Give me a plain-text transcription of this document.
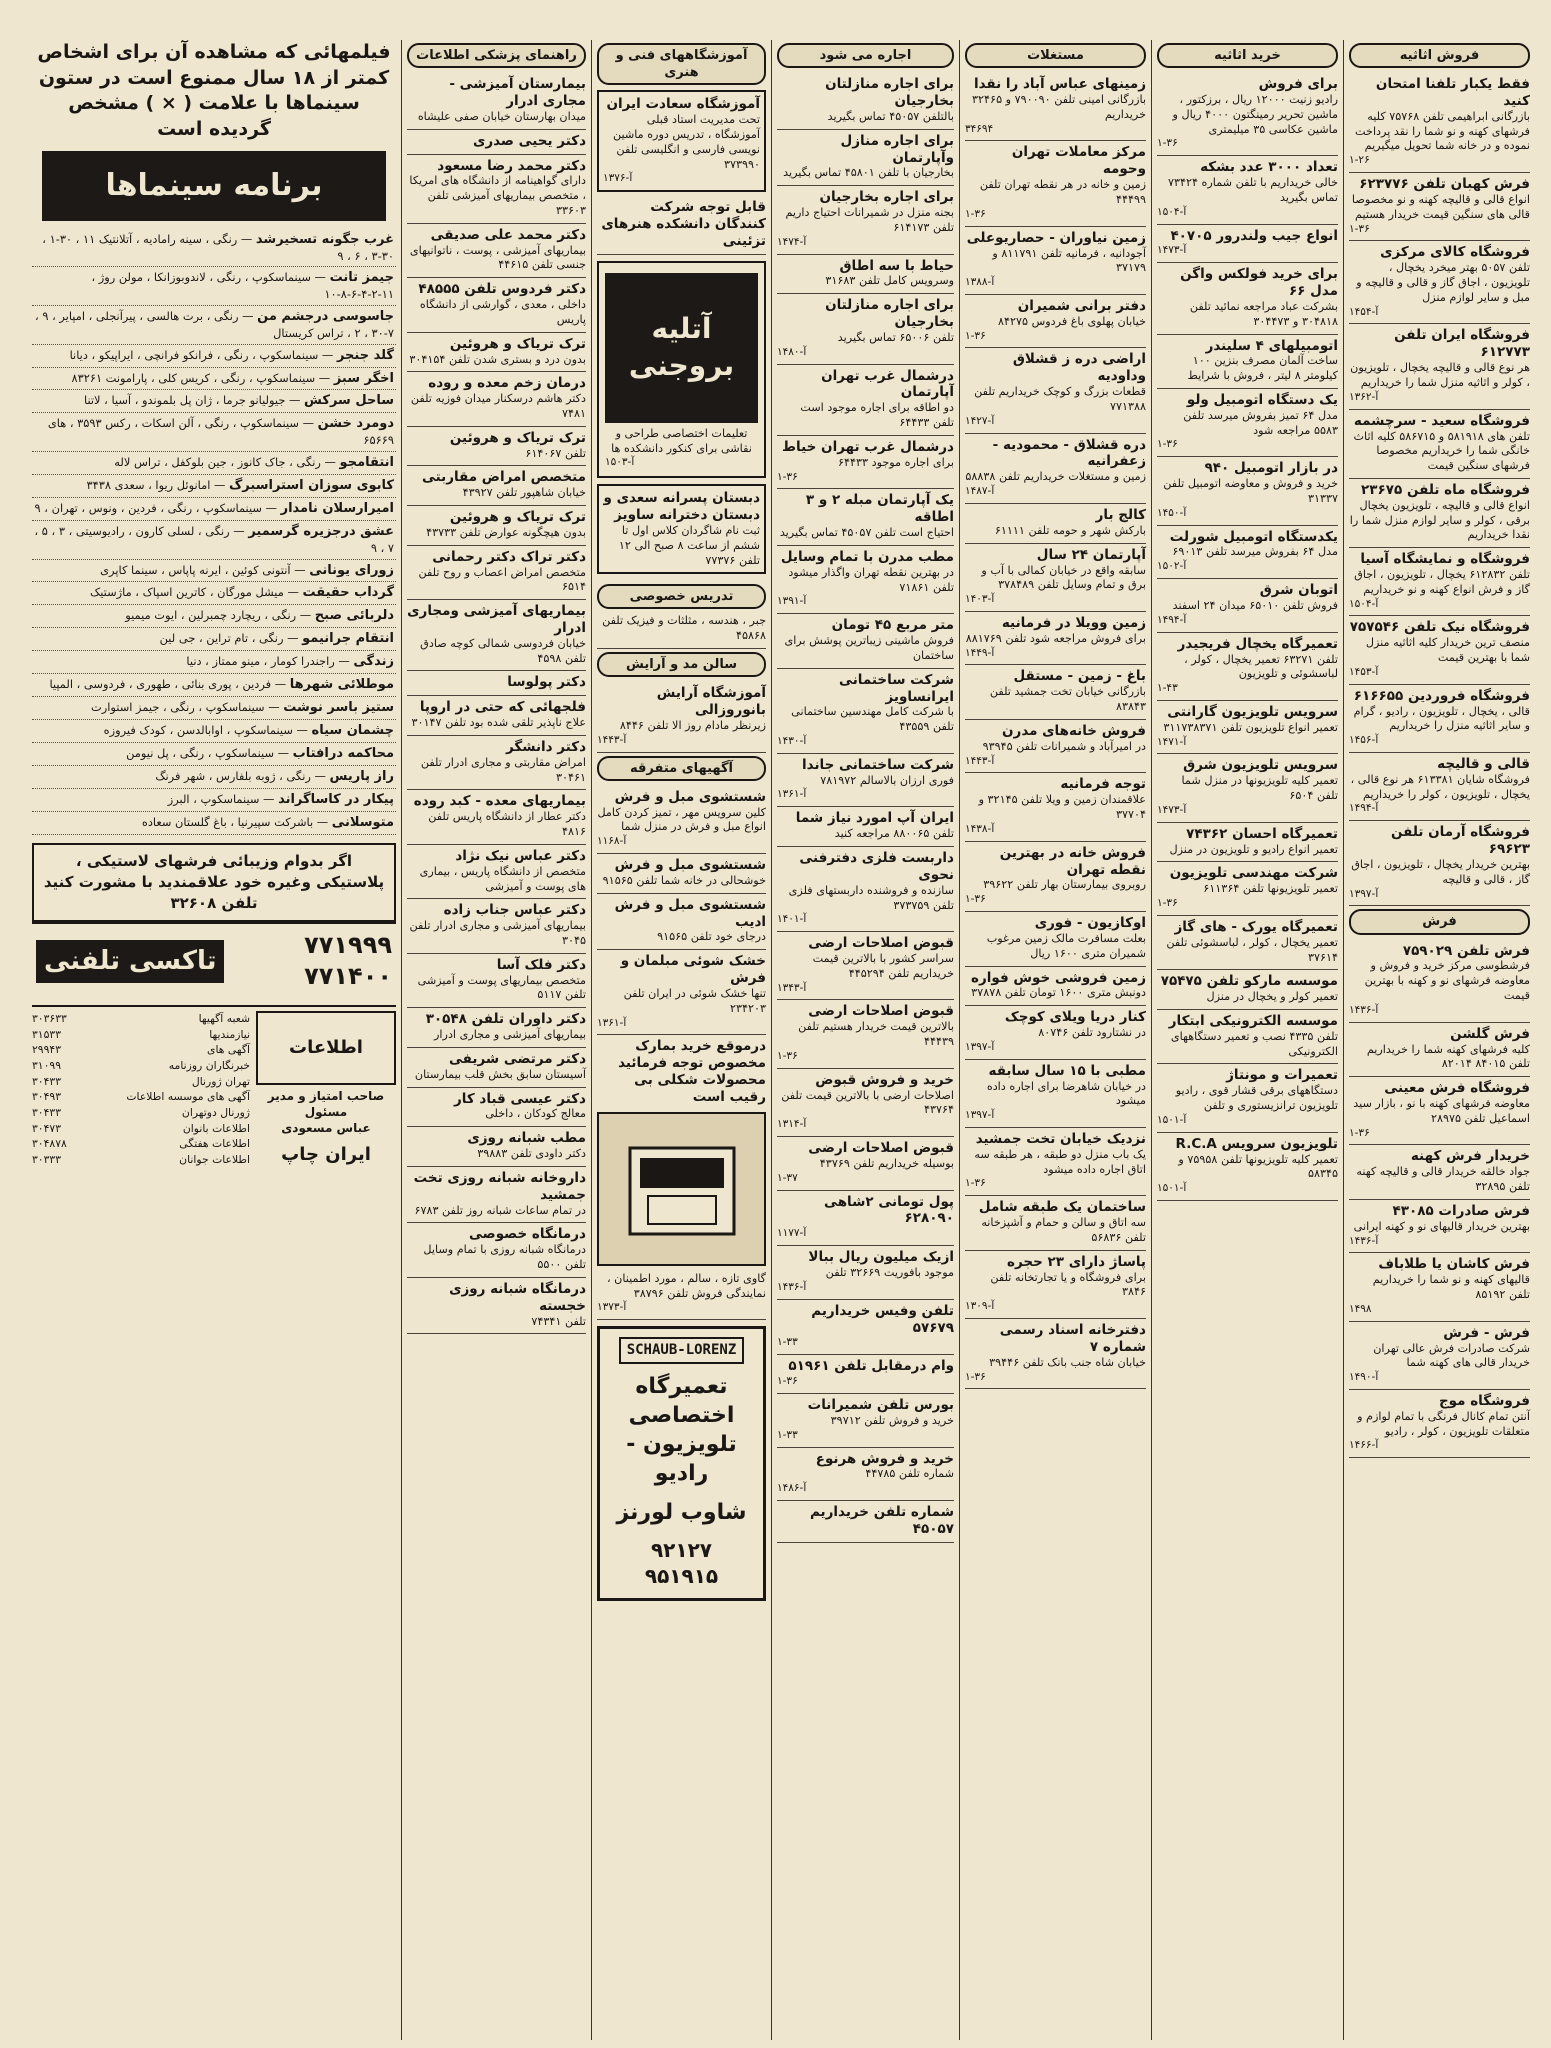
فروش اثاثیه
فقط یکبار تلفنا امتحان کنید
بازرگانی ابراهیمی تلفن ۷۵۷۶۸ کلیه فرشهای کهنه و نو شما را نقد پرداخت نموده و در خانه شما تحویل میگیریم
۱-۲۶
فرش کهبان تلفن ۶۲۳۷۷۶
انواع قالی و قالیچه کهنه و نو مخصوصا قالی های سنگین قیمت خریدار هستیم
۱-۳۶
فروشگاه کالای مرکزی
تلفن ۵۰۵۷ بهتر میخرد یخچال ، تلویزیون ، اجاق گاز و قالی و قالیچه و مبل و سایر لوازم منزل
۱۴۵۴-آ
فروشگاه ایران تلفن ۶۱۲۷۷۳
هر نوع قالی و قالیچه یخچال ، تلویزیون ، کولر و اثاثیه منزل شما را خریداریم
۱۳۶۲-آ
فروشگاه سعید - سرچشمه
تلفن های ۵۸۱۹۱۸ و ۵۸۶۷۱۵ کلیه اثاث خانگی شما را خریداریم مخصوصا فرشهای سنگین قیمت
فروشگاه ماه تلفن ۲۳۶۷۵
انواع قالی و قالیچه ، تلویزیون یخچال برقی ، کولر و سایر لوازم منزل شما را نقدا خریداریم
فروشگاه و نمایشگاه آسیا
تلفن ۶۱۲۸۳۲ یخچال ، تلویزیون ، اجاق گاز و فرش انواع کهنه و نو خریداریم
۱۵۰۴-آ
فروشگاه نیک تلفن ۷۵۷۵۴۶
منصف ترین خریدار کلیه اثاثیه منزل شما با بهترین قیمت
۱۴۵۳-آ
فروشگاه فروردین ۶۱۶۶۵۵
قالی ، یخچال ، تلویزیون ، رادیو ، گرام و سایر اثاثیه منزل را خریداریم
۱۴۵۶-آ
قالی و قالیچه
فروشگاه شایان ۶۱۳۳۸۱ هر نوع قالی ، یخچال ، تلویزیون ، کولر را خریداریم
۱۴۹۴-آ
فروشگاه آرمان تلفن ۶۹۶۲۳
بهترین خریدار یخچال ، تلویزیون ، اجاق گاز ، قالی و قالیچه
۱۳۹۷-آ
فرش
فرش تلفن ۷۵۹۰۲۹
فرشطوسی مرکز خرید و فروش و معاوضه فرشهای نو و کهنه با بهترین قیمت
۱۴۳۶-آ
فرش گلشن
کلیه فرشهای کهنه شما را خریداریم تلفن ۸۴۰۱۵ ۸۲۰۱۴
فروشگاه فرش معینی
معاوضه فرشهای کهنه با نو ، بازار سید اسماعیل تلفن ۲۸۹۷۵
۱-۳۶
خریدار فرش کهنه
جواد خالقه خریدار قالی و قالیچه کهنه تلفن ۳۲۸۹۵
فرش صادرات ۴۳۰۸۵
بهترین خریدار قالیهای نو و کهنه ایرانی
۱۴۳۶-آ
فرش کاشان یا طلاباف
قالیهای کهنه و نو شما را خریداریم تلفن ۸۵۱۹۲
۱۴۹۸
فرش - فرش
شرکت صادرات فرش عالی تهران خریدار قالی های کهنه شما
۱۴۹۰-آ
فروشگاه موج
آنتن تمام کانال فرنگی با تمام لوازم و متعلقات تلویزیون ، کولر ، رادیو
۱۴۶۶-آ
خرید اثاثیه
برای فروش
رادیو زنیت ۱۲۰۰۰ ریال ، برزکتور ، ماشین تحریر رمینگتون ۴۰۰۰ ریال و ماشین عکاسی ۳۵ میلیمتری
۱-۳۶
تعداد ۳۰۰۰ عدد بشکه
خالی خریداریم با تلفن شماره ۷۳۴۲۴ تماس بگیرید
۱۵۰۴-آ
انواع جیب ولندرور ۴۰۷۰۵
۱۴۷۳-آ
برای خرید فولکس واگن مدل ۶۶
بشرکت عباد مراجعه نمائید تلفن ۳۰۴۸۱۸ و ۳۰۴۴۷۳
اتومبیلهای ۴ سلیندر
ساخت آلمان مصرف بنزین ۱۰۰ کیلومتر ۸ لیتر ، فروش با شرایط
یک دستگاه اتومبیل ولو
مدل ۶۴ تمیز بفروش میرسد تلفن ۵۵۸۳ مراجعه شود
۱-۳۶
در بازار اتومبیل ۹۴۰
خرید و فروش و معاوضه اتومبیل تلفن ۳۱۳۳۷
۱۴۵۰-آ
یکدستگاه اتومبیل شورلت
مدل ۶۴ بفروش میرسد تلفن ۶۹۰۱۳
۱۵۰۲-آ
اتوبان شرق
فروش تلفن ۶۵۰۱۰ میدان ۲۴ اسفند
۱۴۹۴-آ
تعمیرگاه یخچال فریجیدر
تلفن ۶۳۲۷۱ تعمیر یخچال ، کولر ، لباسشوئی و تلویزیون
۱-۴۳
سرویس تلویزیون گارانتی
تعمیر انواع تلویزیون تلفن ۳۱۱۷۳۸۳۷۱
۱۴۷۱-آ
سرویس تلویزیون شرق
تعمیر کلیه تلویزیونها در منزل شما تلفن ۶۵۰۴
۱۴۷۳-آ
تعمیرگاه احسان ۷۴۳۶۲
تعمیر انواع رادیو و تلویزیون در منزل
شرکت مهندسی تلویزیون
تعمیر تلویزیونها تلفن ۶۱۱۳۶۴
۱-۳۶
تعمیرگاه یورک - های گاز
تعمیر یخچال ، کولر ، لباسشوئی تلفن ۳۷۶۱۴
موسسه مارکو تلفن ۷۵۴۷۵
تعمیر کولر و یخچال در منزل
موسسه الکترونیکی ابتکار
تلفن ۴۳۳۵ نصب و تعمیر دستگاههای الکترونیکی
تعمیرات و مونتاژ
دستگاههای برقی قشار قوی ، رادیو تلویزیون ترانزیستوری و تلفن
۱۵۰۱-آ
تلویزیون سرویس R.C.A
تعمیر کلیه تلویزیونها تلفن ۷۵۹۵۸ و ۵۸۳۴۵
۱۵۰۱-آ
مستغلات
زمینهای عباس آباد را نقدا
بازرگانی امینی تلفن ۷۹۰۰۹۰ و ۳۲۴۶۵ خریداریم
۳۴۶۹۴
مرکز معاملات تهران وحومه
زمین و خانه در هر نقطه تهران تلفن ۴۴۴۹۹
۱-۳۶
زمین نیاوران - حصاریوعلی
آجودانیه ، فرمانیه تلفن ۸۱۱۷۹۱ و ۳۷۱۷۹
۱۳۸۸-آ
دفتر برانی شمیران
خیابان پهلوی باغ فردوس ۸۴۲۷۵
۱-۳۶
اراضی دره ز قشلاق وداوديه
قطعات بزرگ و کوچک خریداریم تلفن ۷۷۱۳۸۸
۱۴۲۷-آ
دره قشلاق - محمودیه - زعفرانیه
زمین و مستغلات خریداریم تلفن ۵۸۸۳۸
۱۴۸۷-آ
کالج بار
بارکش شهر و حومه تلفن ۶۱۱۱۱
آپارتمان ۲۴ سال
سابقه واقع در خیابان کمالی با آب و برق و تمام وسایل تلفن ۳۷۸۴۸۹
۱۴۰۳-آ
زمین وویلا در فرمانیه
برای فروش مراجعه شود تلفن ۸۸۱۷۶۹
۱۴۴۹-آ
باغ - زمین - مستقل
بازرگانی خیابان تخت جمشید تلفن ۸۳۸۴۳
فروش خانه‌های مدرن
در امیرآباد و شمیرانات تلفن ۹۳۹۴۵
۱۴۴۳-آ
توجه فرمانیه
علاقمندان زمین و ویلا تلفن ۳۲۱۴۵ و ۳۷۷۰۴
۱۴۳۸-آ
فروش خانه در بهترین نقطه تهران
روبروی بیمارستان بهار تلفن ۳۹۶۲۲
۱-۳۶
اوکازیون - فوری
بعلت مسافرت مالک زمین مرغوب شمیران متری ۱۶۰۰ ریال
زمین فروشی خوش فواره
دونبش متری ۱۶۰۰ تومان تلفن ۳۷۸۷۸
کنار دریا ویلای کوچک
در نشتارود تلفن ۸۰۷۴۶
۱۳۹۷-آ
مطبی با ۱۵ سال سابقه
در خیابان شاهرضا برای اجاره داده میشود
۱۳۹۷-آ
نزدیک خیابان تخت جمشید
یک باب منزل دو طبقه ، هر طبقه سه اتاق اجاره داده میشود
۱-۳۶
ساختمان یک طبقه شامل
سه اتاق و سالن و حمام و آشپزخانه تلفن ۵۶۸۳۶
پاساژ دارای ۲۳ حجره
برای فروشگاه و یا تجارتخانه تلفن ۳۸۴۶
۱۳۰۹-آ
دفترخانه اسناد رسمی شماره ۷
خیابان شاه جنب بانک تلفن ۳۹۴۴۶
۱-۳۶
اجاره می شود
برای اجاره منازلتان بخارجیان
بالتلفن ۴۵۰۵۷ تماس بگیرید
برای اجاره منازل وآپارتمان
بخارجیان با تلفن ۴۵۸۰۱ تماس بگیرید
برای اجاره بخارجیان
بجنه منزل در شمیرانات احتیاج داریم تلفن ۶۱۴۱۷۳
۱۴۷۴-آ
حیاط با سه اطاق
وسرویس کامل تلفن ۳۱۶۸۳
برای اجاره منازلتان بخارجیان
تلفن ۶۵۰۰۶ تماس بگیرید
۱۴۸۰-آ
درشمال غرب تهران آپارتمان
دو اطاقه برای اجاره موجود است تلفن ۶۴۴۳۳
درشمال غرب تهران خیاط
برای اجاره موجود ۶۴۴۳۳
۱-۳۶
یک آپارتمان مبله ۲ و ۳ اطاقه
احتیاج است تلفن ۴۵۰۵۷ تماس بگیرید
مطب مدرن با تمام وسایل
در بهترین نقطه تهران واگذار میشود تلفن ۷۱۸۶۱
۱۳۹۱-آ
متر مربع ۴۵ تومان
فروش ماشینی زیباترین پوشش برای ساختمان
شرکت ساختمانی ایرانساویز
با شرکت کامل مهندسین ساختمانی تلفن ۴۳۵۵۹
۱۴۳۰-آ
شرکت ساختمانی جاندا
فوری ارزان بالاسالم ۷۸۱۹۷۲
۱۳۶۱-آ
ایران آپ امورد نیاز شما
تلفن ۸۸۰۰۶۵ مراجعه کنید
داربست فلزی دفترفنی نحوی
سازنده و فروشنده داربستهای فلزی تلفن ۳۷۳۷۵۹
۱۴۰۱-آ
قبوض اصلاحات ارضی
سراسر کشور با بالاترین قیمت خریداریم تلفن ۴۴۵۲۹۴
۱۳۴۳-آ
قبوض اصلاحات ارضی
بالاترین قیمت خریدار هستیم تلفن ۴۴۴۳۹
۱-۳۶
خرید و فروش قبوض
اصلاحات ارضی با بالاترین قیمت تلفن ۴۳۷۶۴
۱۳۱۴-آ
قبوض اصلاحات ارضی
بوسیله خریداریم تلفن ۴۳۷۶۹
۱-۳۷
پول تومانی ۲شاهی ۶۲۸۰۹۰
۱۱۷۷-آ
ازیک میلیون ریال ببالا
موجود بافوریت ۳۲۶۶۹ تلفن
۱۴۳۶-آ
تلفن وفیس خریداریم ۵۷۶۷۹
۱-۳۳
وام درمقابل تلفن ۵۱۹۶۱
۱-۳۶
بورس تلفن شمیرانات
خرید و فروش تلفن ۳۹۷۱۲
۱-۳۳
خرید و فروش هرنوع
شماره تلفن ۴۴۷۸۵
۱۴۸۶-آ
شماره تلفن خریداریم ۴۵۰۵۷
آموزشگاههای فنی و هنری
آموزشگاه سعادت ایران
تحت مدیریت استاد قبلی آموزشگاه ، تدریس دوره ماشین نویسی فارسی و انگلیسی تلفن ۳۷۳۹۹۰
۱۳۷۶-آ
قابل توجه شرکت کنندگان دانشکده هنرهای تزئینی
آتلیه بروجنی
تعلیمات اختصاصی طراحی و نقاشی برای کنکور دانشکده ها
۱۵۰۳-آ
دبستان پسرانه سعدی و دبستان دخترانه ساویز
ثبت نام شاگردان کلاس اول تا ششم از ساعت ۸ صبح الی ۱۲ تلفن ۷۷۳۷۶
تدریس خصوصی
جبر ، هندسه ، مثلثات و فیزیک تلفن ۴۵۸۶۸
سالن مد و آرایش
آموزشگاه آرایش بانوروزالی
زیرنظر مادام روز الا تلفن ۸۴۴۶
۱۴۴۳-آ
آگهیهای متفرقه
شستشوی مبل و فرش
کلین سرویس مهر ، تمیز کردن کامل انواع مبل و فرش در منزل شما
۱۱۶۸-آ
شستشوی مبل و فرش
خوشحالی در خانه شما تلفن ۹۱۵۶۵
شستشوی مبل و فرش ادیب
درجای خود تلفن ۹۱۵۶۵
خشک شوئی مبلمان و فرش
تنها خشک شوئی در ایران تلفن ۲۳۴۲۰۳
۱۳۶۱-آ
درموقع خرید بمارک مخصوص توجه فرمائید محصولات شکلی بی رقیب است
گاوی تازه ، سالم ، مورد اطمینان ، نمایندگی فروش تلفن ۳۸۷۹۶
۱۳۷۳-آ
SCHAUB-LORENZ
تعمیرگاه اختصاصی
تلویزیون - رادیو
شاوب لورنز
۹۲۱۲۷
۹۵۱۹۱۵
راهنمای پزشکی اطلاعات
بیمارستان آمیزشی - مجاری ادرار
میدان بهارستان خیابان صفی علیشاه
دکتر یحیی صدری
دکتر محمد رضا مسعود
دارای گواهینامه از دانشگاه های امریکا ، متخصص بیماریهای آمیزشی تلفن ۳۳۶۰۳
دکتر محمد علی صدیقی
بیماریهای آمیزشی ، پوست ، ناتوانیهای جنسی تلفن ۴۴۶۱۵
دکتر فردوس تلفن ۴۸۵۵۵
داخلی ، معدی ، گوارشی از دانشگاه پاریس
ترک تریاک و هروئین
بدون درد و بستری شدن تلفن ۳۰۴۱۵۴
درمان زخم معده و روده
دکتر هاشم درسکنار میدان فوزیه تلفن ۷۴۸۱
ترک تریاک و هروئین
تلفن ۶۱۴۰۶۷
متخصص امراض مقاربتی
خیابان شاهپور تلفن ۴۳۹۲۷
ترک تریاک و هروئین
بدون هیچگونه عوارض تلفن ۴۳۷۳۳
دکتر تراک دکتر رحمانی
متخصص امراض اعصاب و روح تلفن ۶۵۱۴
بیماریهای آمیزشی ومجاری ادرار
خیابان فردوسی شمالی کوچه صادق تلفن ۴۵۹۸
دکتر پولوسا
فلجهائی که حتی در اروپا
علاج ناپذیر تلقی شده بود تلفن ۳۰۱۴۷
دکتر دانشگر
امراض مقاربتی و مجاری ادرار تلفن ۳۰۴۶۱
بیماریهای معده - کبد روده
دکتر عطار از دانشگاه پاریس تلفن ۴۸۱۶
دکتر عباس نیک نژاد
متخصص از دانشگاه پاریس ، بیماری های پوست و آمیزشی
دکتر عباس جناب زاده
بیماریهای آمیزشی و مجاری ادرار تلفن ۳۰۴۵
دکتر فلک آسا
متخصص بیماریهای پوست و آمیزشی تلفن ۵۱۱۷
دکتر داوران تلفن ۳۰۵۴۸
بیماریهای آمیزشی و مجاری ادرار
دکتر مرتضی شریفی
آسیستان سابق بخش قلب بیمارستان
دکتر عیسی قباد کار
معالج کودکان ، داخلی
مطب شبانه روزی
دکتر داودی تلفن ۳۹۸۸۳
داروخانه شبانه روزی تخت جمشید
در تمام ساعات شبانه روز تلفن ۶۷۸۳
درمانگاه خصوصی
درمانگاه شبانه روزی با تمام وسایل تلفن ۵۵۰۰
درمانگاه شبانه روزی خجسته
تلفن ۷۴۳۴۱
فیلمهائی که مشاهده آن برای اشخاص کمتر از ۱۸ سال ممنوع است در ستون سینماها با علامت ( × ) مشخص گردیده است
برنامه سینماها
غرب جگونه تسخیرشد — رنگی ، سینه رامادیه ، آتلانتیک ۱۱ ، ۳۰-۱ ، ۳۰-۳ ، ۶ ، ۹
جیمز تانت — سینماسکوپ ، رنگی ، لاندوبوزانکا ، مولن روژ ، ۱۱-۲-۴-۶-۸-۱۰
جاسوسی درجشم من — رنگی ، برت هالسی ، پیرآنجلی ، امپایر ، ۹ ، ۷-۳۰ ، ۲ ، تراس کریستال
گلد جنجر — سینماسکوپ ، رنگی ، فرانکو فرانچی ، ایراپیکو ، دیانا
اخگر سبز — سینماسکوپ ، رنگی ، کریس کلی ، پارامونت ۸۳۲۶۱
ساحل سرکش — جیولیانو جرما ، ژان پل بلموندو ، آسیا ، لاتنا
دومرد خشن — سینماسکوپ ، رنگی ، آلن اسکات ، رکس ۳۵۹۳ ، های ۶۵۶۶۹
انتقامجو — رنگی ، جاک کانوز ، جین بلوکفل ، تراس لاله
کابوی سوزان استراسبرگ — امانوئل ریوا ، سعدی ۳۴۳۸
امیرارسلان نامدار — سینماسکوپ ، رنگی ، فردین ، ونوس ، تهران ، ۹
عشق درجزیره گرسمیر — رنگی ، لسلی کارون ، رادیوسیتی ، ۳ ، ۵ ، ۷ ، ۹
زورای یونانی — آنتونی کوئین ، ایرنه پاپاس ، سینما کاپری
گرداب حقیقت — میشل مورگان ، کاترین اسپاک ، ماژستیک
دلربائی صبح — رنگی ، ریچارد چمبرلین ، ایوت میمیو
انتقام جرانیمو — رنگی ، تام تراین ، جی لین
زندگی — راجندرا کومار ، مینو ممتاز ، دنیا
موطلائی شهرها — فردین ، پوری بنائی ، طهوری ، فردوسی ، المپیا
ستیز باسر نوشت — سینماسکوپ ، رنگی ، جیمز استوارت
چشمان سیاه — سینماسکوپ ، اوابالدسن ، کودک فیروزه
محاکمه درافتاب — سینماسکوپ ، رنگی ، پل نیومن
راز پاریس — رنگی ، ژوبه بلفارس ، شهر فرنگ
پیکار در کاساگراند — سینماسکوپ ، البرز
متوسلانی — باشرکت سپیرنیا ، باغ گلستان سعاده
اگر بدوام وزیبائی فرشهای لاستیکی ، پلاستیکی وغیره خود علاقمندید با مشورت کنید تلفن ۳۲۶۰۸
۷۷۱۹۹۹
۷۷۱۴۰۰
تاکسی تلفنی
اطلاعات
صاحب امتیاز و مدیر مسئول
عباس مسعودی
ایران چاپ
شعبه آگهیها
۳۰۳۶۳۳
نیازمندیها
۳۱۵۳۳
آگهی های
۲۹۹۴۳
خبرنگاران روزنامه
۳۱۰۹۹
تهران ژورنال
۳۰۴۳۳
آگهی های موسسه اطلاعات
۳۰۴۹۳
ژورنال دوتهران
۳۰۴۳۳
اطلاعات بانوان
۳۰۴۷۳
اطلاعات هفتگی
۳۰۴۸۷۸
اطلاعات جوانان
۳۰۳۳۳
